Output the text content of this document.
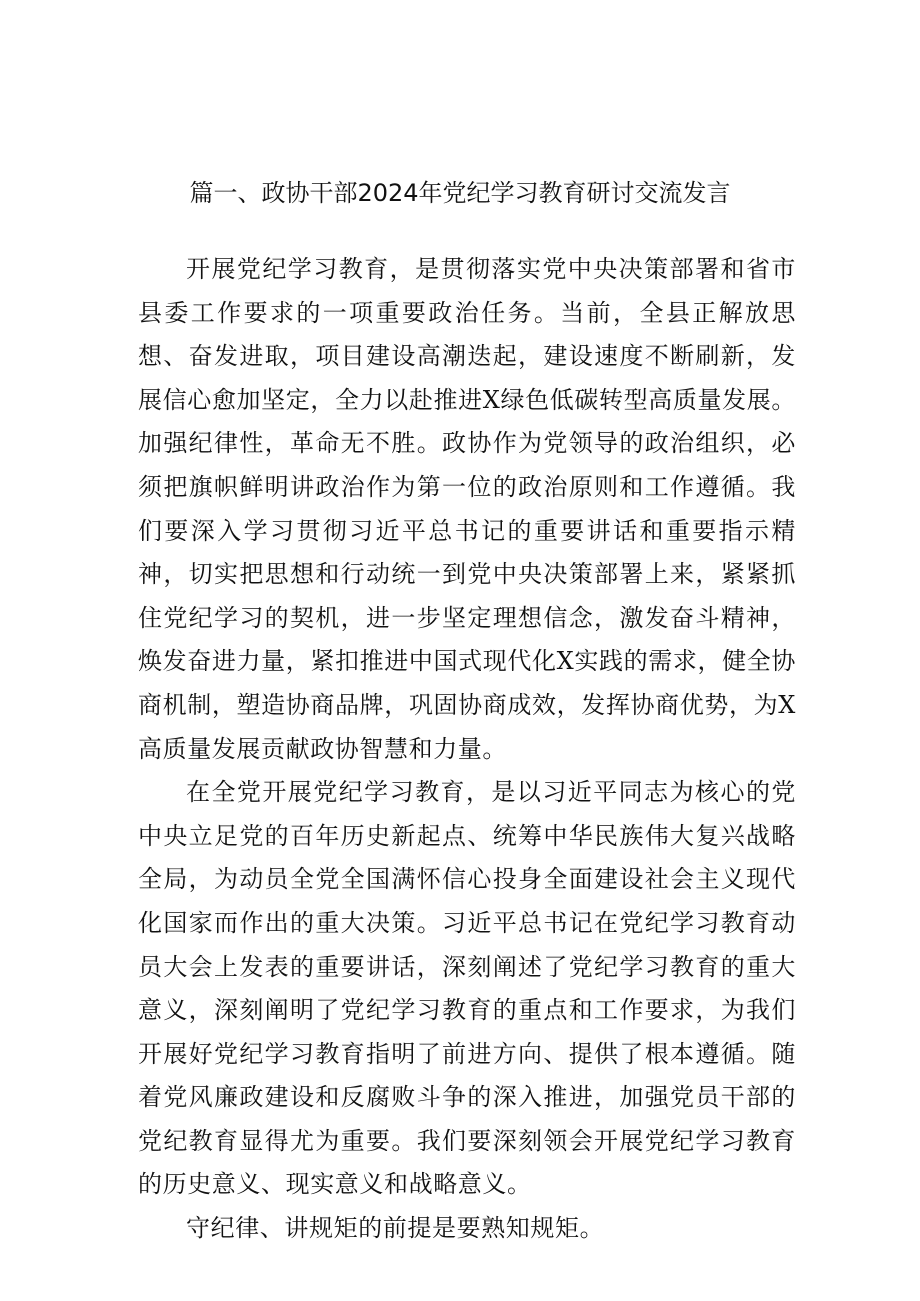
篇一、政协干部2024年党纪学习教育研讨交流发言

开展党纪学习教育，是贯彻落实党中央决策部署和省市县委工作要求的一项重要政治任务。当前，全县正解放思想、奋发进取，项目建设高潮迭起，建设速度不断刷新，发展信心愈加坚定，全力以赴推进X绿色低碳转型高质量发展。加强纪律性，革命无不胜。政协作为党领导的政治组织，必须把旗帜鲜明讲政治作为第一位的政治原则和工作遵循。我们要深入学习贯彻习近平总书记的重要讲话和重要指示精神，切实把思想和行动统一到党中央决策部署上来，紧紧抓住党纪学习的契机，进一步坚定理想信念，激发奋斗精神，焕发奋进力量，紧扣推进中国式现代化X实践的需求，健全协商机制，塑造协商品牌，巩固协商成效，发挥协商优势，为X高质量发展贡献政协智慧和力量。

在全党开展党纪学习教育，是以习近平同志为核心的党中央立足党的百年历史新起点、统筹中华民族伟大复兴战略全局，为动员全党全国满怀信心投身全面建设社会主义现代化国家而作出的重大决策。习近平总书记在党纪学习教育动员大会上发表的重要讲话，深刻阐述了党纪学习教育的重大意义，深刻阐明了党纪学习教育的重点和工作要求，为我们开展好党纪学习教育指明了前进方向、提供了根本遵循。随着党风廉政建设和反腐败斗争的深入推进，加强党员干部的党纪教育显得尤为重要。我们要深刻领会开展党纪学习教育的历史意义、现实意义和战略意义。

守纪律、讲规矩的前提是要熟知规矩。
